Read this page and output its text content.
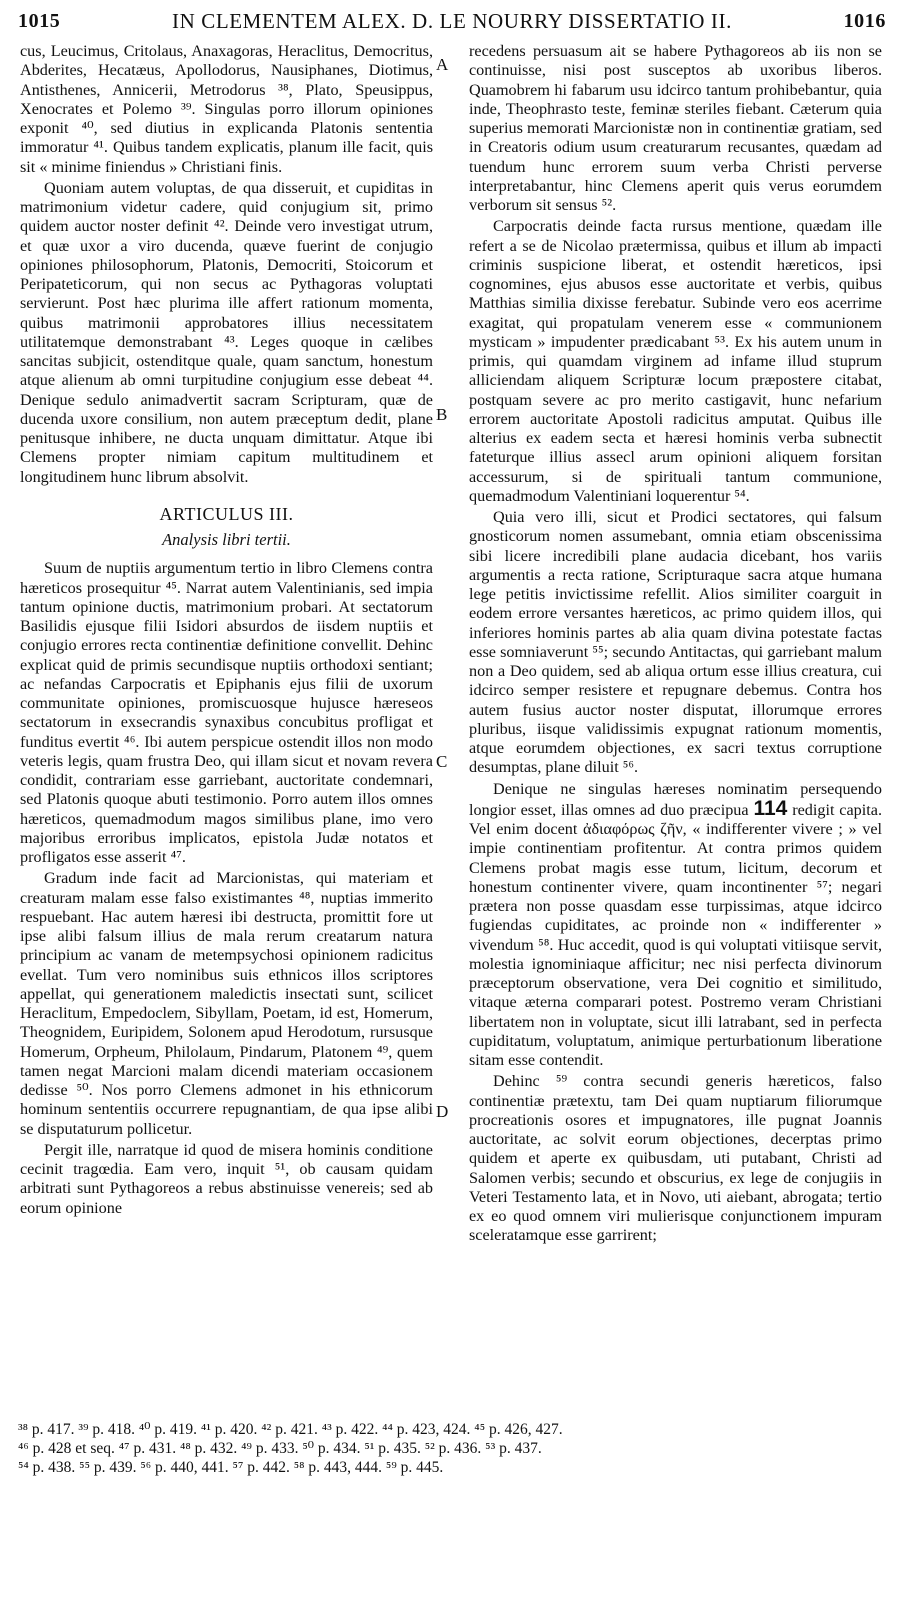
1015	IN CLEMENTEM ALEX. D. LE NOURRY DISSERTATIO II.	1016
A
B
C
D

cus, Leucimus, Critolaus, Anaxagoras, Heraclitus, Democritus, Abderites, Hecatæus, Apollodorus, Nausiphanes, Diotimus, Antisthenes, Annicerii, Metrodorus ³⁸, Plato, Speusippus, Xenocrates et Polemo ³⁹. Singulas porro illorum opiniones exponit ⁴⁰, sed diutius in explicanda Platonis sententia immoratur ⁴¹. Quibus tandem explicatis, planum ille facit, quis sit « minime finiendus » Christiani finis.

Quoniam autem voluptas, de qua disseruit, et cupiditas in matrimonium videtur cadere, quid conjugium sit, primo quidem auctor noster definit ⁴². Deinde vero investigat utrum, et quæ uxor a viro ducenda, quæve fuerint de conjugio opiniones philosophorum, Platonis, Democriti, Stoicorum et Peripateticorum, qui non secus ac Pythagoras voluptati servierunt. Post hæc plurima ille affert rationum momenta, quibus matrimonii approbatores illius necessitatem utilitatemque demonstrabant ⁴³. Leges quoque in cælibes sancitas subjicit, ostenditque quale, quam sanctum, honestum atque alienum ab omni turpitudine conjugium esse debeat ⁴⁴. Denique sedulo animadvertit sacram Scripturam, quæ de ducenda uxore consilium, non autem præceptum dedit, plane penitusque inhibere, ne ducta unquam dimittatur. Atque ibi Clemens propter nimiam capitum multitudinem et longitudinem hunc librum absolvit.

ARTICULUS III.
Analysis libri tertii.

Suum de nuptiis argumentum tertio in libro Clemens contra hæreticos prosequitur ⁴⁵. Narrat autem Valentinianis, sed impia tantum opinione ductis, matrimonium probari. At sectatorum Basilidis ejusque filii Isidori absurdos de iisdem nuptiis et conjugio errores recta continentiæ definitione convellit. Dehinc explicat quid de primis secundisque nuptiis orthodoxi sentiant; ac nefandas Carpocratis et Epiphanis ejus filii de uxorum communitate opiniones, promiscuosque hujusce hæreseos sectatorum in exsecrandis synaxibus concubitus profligat et funditus evertit ⁴⁶. Ibi autem perspicue ostendit illos non modo veteris legis, quam frustra Deo, qui illam sicut et novam revera condidit, contrariam esse garriebant, auctoritate condemnari, sed Platonis quoque abuti testimonio. Porro autem illos omnes hæreticos, quemadmodum magos similibus plane, imo vero majoribus erroribus implicatos, epistola Judæ notatos et profligatos esse asserit ⁴⁷.

Gradum inde facit ad Marcionistas, qui materiam et creaturam malam esse falso existimantes ⁴⁸, nuptias immerito respuebant. Hac autem hæresi ibi destructa, promittit fore ut ipse alibi falsum illius de mala rerum creatarum natura principium ac vanam de metempsychosi opinionem radicitus evellat. Tum vero nominibus suis ethnicos illos scriptores appellat, qui generationem maledictis insectati sunt, scilicet Heraclitum, Empedoclem, Sibyllam, Poetam, id est, Homerum, Theognidem, Euripidem, Solonem apud Herodotum, rursusque Homerum, Orpheum, Philolaum, Pindarum, Platonem ⁴⁹, quem tamen negat Marcioni malam dicendi materiam occasionem dedisse ⁵⁰. Nos porro Clemens admonet in his ethnicorum hominum sententiis occurrere repugnantiam, de qua ipse alibi se disputaturum pollicetur.

Pergit ille, narratque id quod de misera hominis conditione cecinit tragœdia. Eam vero, inquit ⁵¹, ob causam quidam arbitrati sunt Pythagoreos a rebus abstinuisse venereis; sed ab eorum opinione

recedens persuasum ait se habere Pythagoreos ab iis non se continuisse, nisi post susceptos ab uxoribus liberos. Quamobrem hi fabarum usu idcirco tantum prohibebantur, quia inde, Theophrasto teste, feminæ steriles fiebant. Cæterum quia superius memorati Marcionistæ non in continentiæ gratiam, sed in Creatoris odium usum creaturarum recusantes, quædam ad tuendum hunc errorem suum verba Christi perverse interpretabantur, hinc Clemens aperit quis verus eorumdem verborum sit sensus ⁵².

Carpocratis deinde facta rursus mentione, quædam ille refert a se de Nicolao prætermissa, quibus et illum ab impacti criminis suspicione liberat, et ostendit hæreticos, ipsi cognomines, ejus abusos esse auctoritate et verbis, quibus Matthias similia dixisse ferebatur. Subinde vero eos acerrime exagitat, qui propatulam venerem esse « communionem mysticam » impudenter prædicabant ⁵³. Ex his autem unum in primis, qui quamdam virginem ad infame illud stuprum alliciendam aliquem Scripturæ locum præpostere citabat, postquam severe ac pro merito castigavit, hunc nefarium errorem auctoritate Apostoli radicitus amputat. Quibus ille alterius ex eadem secta et hæresi hominis verba subnectit fateturque illius assecl arum opinioni aliquem forsitan accessurum, si de spirituali tantum communione, quemadmodum Valentiniani loquerentur ⁵⁴.

Quia vero illi, sicut et Prodici sectatores, qui falsum gnosticorum nomen assumebant, omnia etiam obscenissima sibi licere incredibili plane audacia dicebant, hos variis argumentis a recta ratione, Scripturaque sacra atque humana lege petitis invictissime refellit. Alios similiter coarguit in eodem errore versantes hæreticos, ac primo quidem illos, qui inferiores hominis partes ab alia quam divina potestate factas esse somniaverunt ⁵⁵; secundo Antitactas, qui garriebant malum non a Deo quidem, sed ab aliqua ortum esse illius creatura, cui idcirco semper resistere et repugnare debemus. Contra hos autem fusius auctor noster disputat, illorumque errores pluribus, iisque validissimis expugnat rationum momentis, atque eorumdem objectiones, ex sacri textus corruptione desumptas, plane diluit ⁵⁶.

Denique ne singulas hæreses nominatim persequendo longior esset, illas omnes ad duo præcipua 114 redigit capita. Vel enim docent ἀδιαφόρως ζῆν, « indifferenter vivere ; » vel impie continentiam profitentur. At contra primos quidem Clemens probat magis esse tutum, licitum, decorum et honestum continenter vivere, quam incontinenter ⁵⁷; negari prætera non posse quasdam esse turpissimas, atque idcirco fugiendas cupiditates, ac proinde non « indifferenter » vivendum ⁵⁸. Huc accedit, quod is qui voluptati vitiisque servit, molestia ignominiaque afficitur; nec nisi perfecta divinorum præceptorum observatione, vera Dei cognitio et similitudo, vitaque æterna comparari potest. Postremo veram Christiani libertatem non in voluptate, sicut illi latrabant, sed in perfecta cupiditatum, voluptatum, animique perturbationum liberatione sitam esse contendit.

Dehinc ⁵⁹ contra secundi generis hæreticos, falso continentiæ prætextu, tam Dei quam nuptiarum filiorumque procreationis osores et impugnatores, ille pugnat Joannis auctoritate, ac solvit eorum objectiones, decerptas primo quidem et aperte ex quibusdam, uti putabant, Christi ad Salomen verbis; secundo et obscurius, ex lege de conjugiis in Veteri Testamento lata, et in Novo, uti aiebant, abrogata; tertio ex eo quod omnem viri mulierisque conjunctionem impuram sceleratamque esse garrirent;

³⁸ p. 417. ³⁹ p. 418. ⁴⁰ p. 419. ⁴¹ p. 420. ⁴² p. 421. ⁴³ p. 422. ⁴⁴ p. 423, 424. ⁴⁵ p. 426, 427.
⁴⁶ p. 428 et seq. ⁴⁷ p. 431. ⁴⁸ p. 432. ⁴⁹ p. 433. ⁵⁰ p. 434. ⁵¹ p. 435. ⁵² p. 436. ⁵³ p. 437.
⁵⁴ p. 438. ⁵⁵ p. 439. ⁵⁶ p. 440, 441. ⁵⁷ p. 442. ⁵⁸ p. 443, 444. ⁵⁹ p. 445.
